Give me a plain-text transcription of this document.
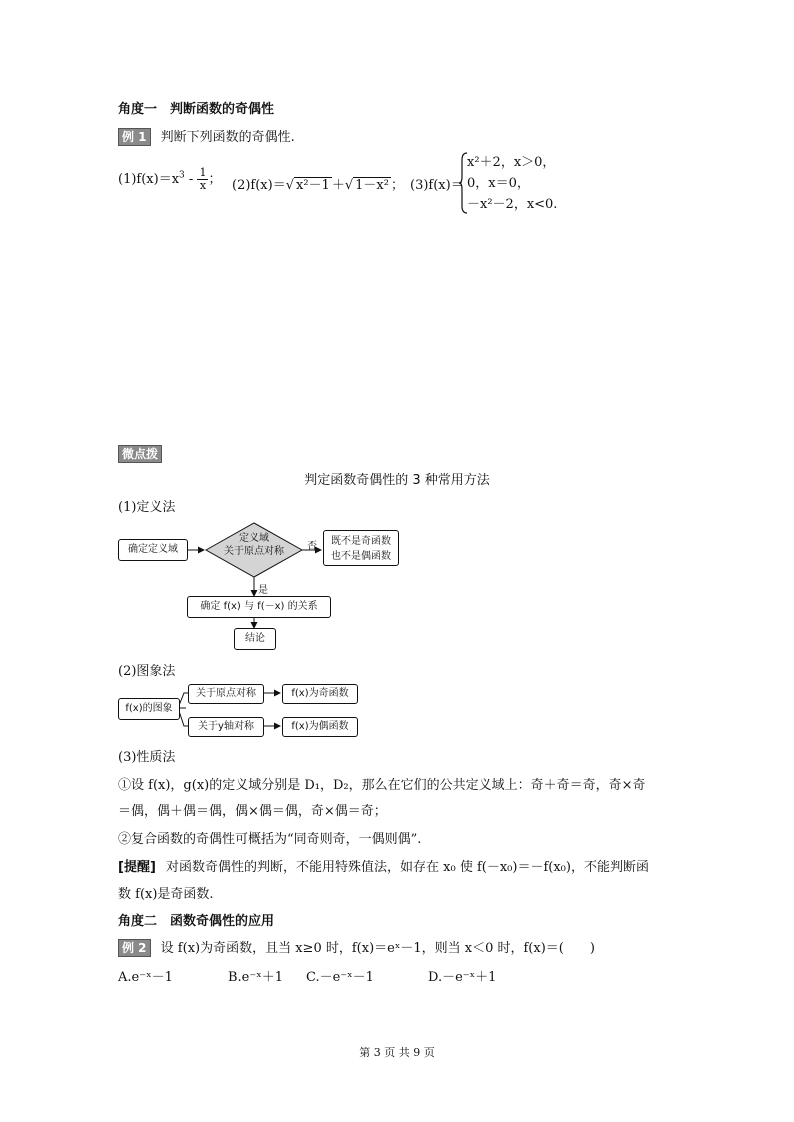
角度一　判断函数的奇偶性
例 1 判断下列函数的奇偶性.
$(1)f(x)=x^3 - \frac{1}{x}$ ； (2)f(x)＝√ x²－1 ＋√ 1－x² ； (3)f(x)＝
x²＋2，x＞0，
0，x＝0，
－x²－2，x<0.
微点拨
判定函数奇偶性的 3 种常用方法
(1)定义法
确定定义域
定义域
关于原点对称	否	既不是奇函数
也不是偶函数
是
确定 f(x) 与 f(－x) 的关系
结论
(2)图象法
f(x)的图象
关于原点对称	f(x)为奇函数
关于y轴对称	f(x)为偶函数
(3)性质法
①设 f(x)，g(x)的定义域分别是 D₁，D₂，那么在它们的公共定义域上：奇＋奇＝奇，奇×奇
＝偶，偶＋偶＝偶，偶×偶＝偶，奇×偶＝奇；
②复合函数的奇偶性可概括为“同奇则奇，一偶则偶”.
[提醒] 对函数奇偶性的判断，不能用特殊值法，如存在 x₀ 使 f(－x₀)＝－f(x₀)，不能判断函
数 f(x)是奇函数.
角度二　函数奇偶性的应用
例 2 设 f(x)为奇函数，且当 x≥0 时，f(x)＝eˣ－1，则当 x＜0 时，f(x)＝(　　)
A.e⁻ˣ－1	B.e⁻ˣ＋1 C.－e⁻ˣ－1	D.－e⁻ˣ＋1
第 3 页 共 9 页
